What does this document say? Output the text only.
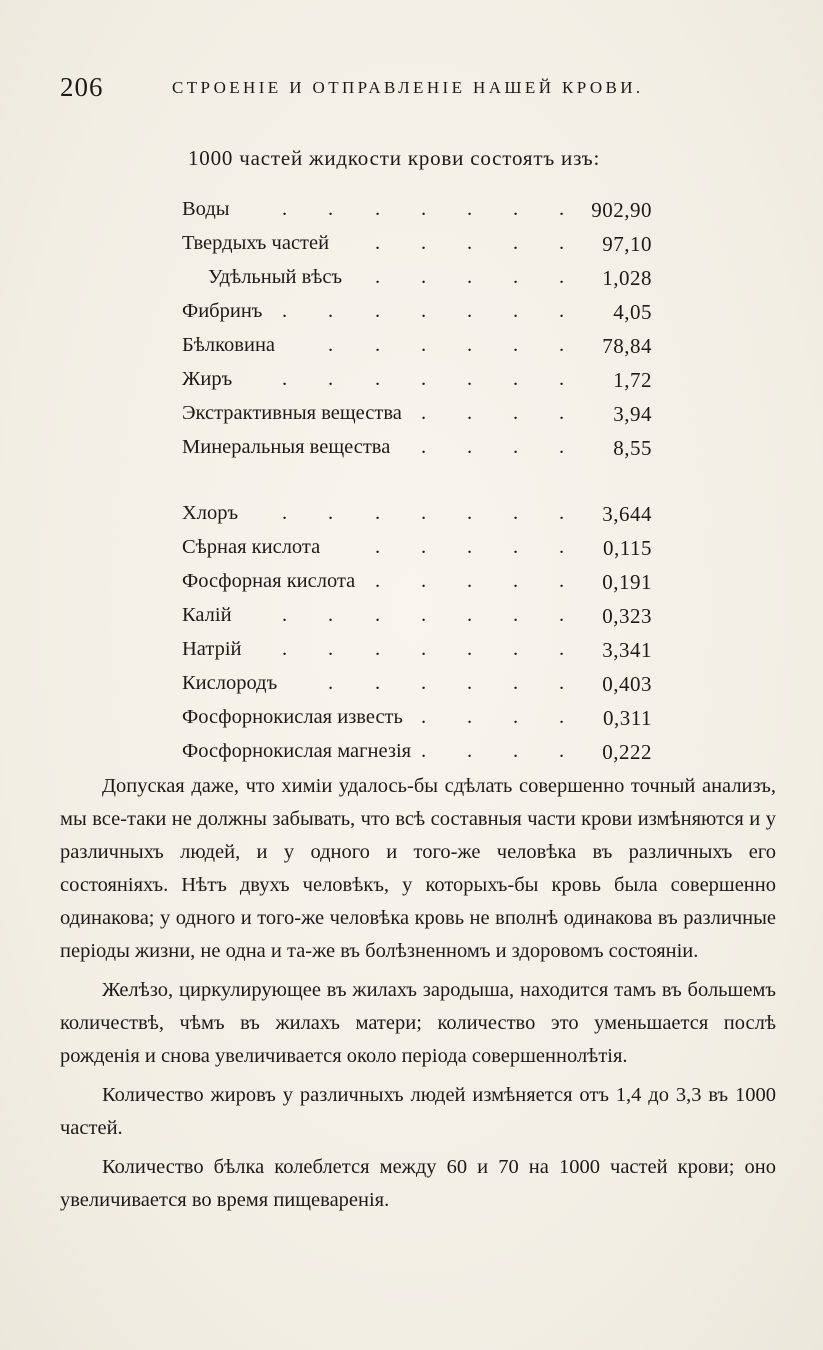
206	СТРОЕНІЕ И ОТПРАВЛЕНІЕ НАШЕЙ КРОВИ.
1000 частей жидкости крови состоятъ изъ:
Воды	902,90
. . . . . . .
Твердыхъ частей	97,10
. . . . .
Удѣльный вѣсъ	1,028
. . . . .
Фибринъ	4,05
. . . . . . .
Бѣлковина	78,84
. . . . . .
Жиръ	1,72
. . . . . . .
Экстрактивныя вещества	3,94
. . . .
Минеральныя вещества	8,55
. . . .
Хлоръ	3,644
. . . . . . .
Сѣрная кислота	0,115
. . . . .
Фосфорная кислота	0,191
. . . . .
Калій	0,323
. . . . . . .
Натрій	3,341
. . . . . . .
Кислородъ	0,403
. . . . . .
Фосфорнокислая известь	0,311
. . . .
Фосфорнокислая магнезія	0,222
. . . .

Допуская даже, что химіи удалось-бы сдѣлать совершенно точный анализъ, мы все-таки не должны забывать, что всѣ составныя части крови измѣняются и у различныхъ людей, и у одного и того-же человѣка въ различныхъ его состояніяхъ. Нѣтъ двухъ человѣкъ, у которыхъ-бы кровь была совершенно одинакова; у одного и того-же человѣка кровь не вполнѣ одинакова въ различные періоды жизни, не одна и та-же въ болѣзненномъ и здоровомъ состояніи.

Желѣзо, циркулирующее въ жилахъ зародыша, находится тамъ въ большемъ количествѣ, чѣмъ въ жилахъ матери; количество это уменьшается послѣ рожденія и снова увеличивается около періода совершеннолѣтія.

Количество жировъ у различныхъ людей измѣняется отъ 1,4 до 3,3 въ 1000 частей.

Количество бѣлка колеблется между 60 и 70 на 1000 частей крови; оно увеличивается во время пищеваренія.
